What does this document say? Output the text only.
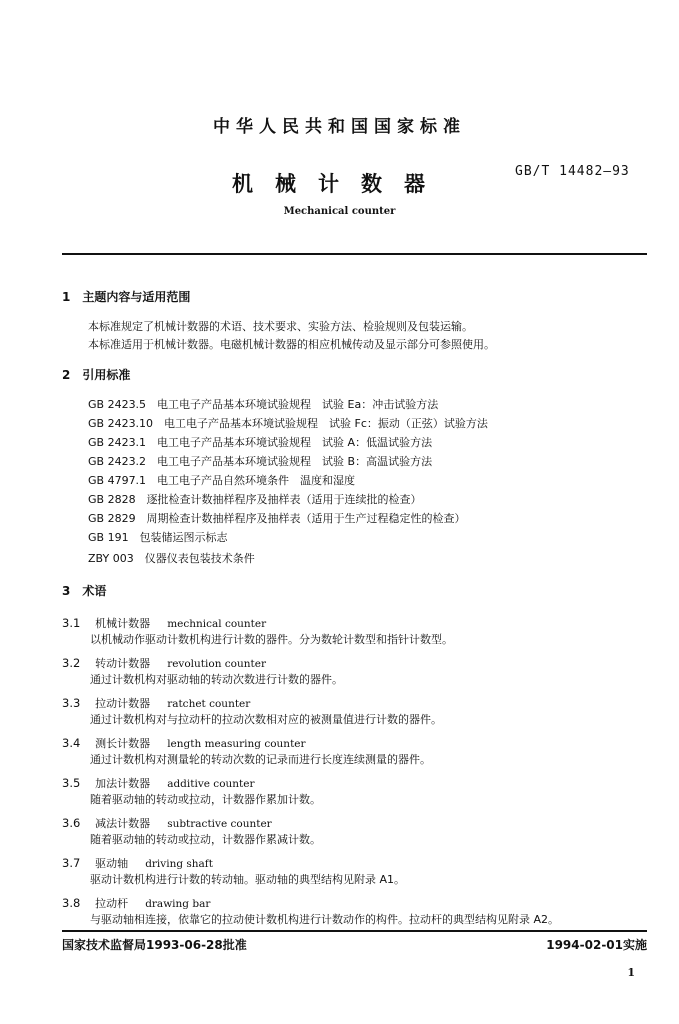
中华人民共和国国家标准
机械计数器
GB/T 14482—93
Mechanical counter
1　主题内容与适用范围
本标准规定了机械计数器的术语、技术要求、实验方法、检验规则及包装运输。
本标准适用于机械计数器。电磁机械计数器的相应机械传动及显示部分可参照使用。
2　引用标准
GB 2423.5　电工电子产品基本环境试验规程　试验 Ea：冲击试验方法
GB 2423.10　电工电子产品基本环境试验规程　试验 Fc：振动（正弦）试验方法
GB 2423.1　电工电子产品基本环境试验规程　试验 A：低温试验方法
GB 2423.2　电工电子产品基本环境试验规程　试验 B：高温试验方法
GB 4797.1　电工电子产品自然环境条件　温度和湿度
GB 2828　逐批检查计数抽样程序及抽样表（适用于连续批的检查）
GB 2829　周期检查计数抽样程序及抽样表（适用于生产过程稳定性的检查）
GB 191　包装储运图示标志
ZBY 003　仪器仪表包装技术条件
3　术语
3.1 机械计数器 mechnical counter
以机械动作驱动计数机构进行计数的器件。分为数轮计数型和指针计数型。
3.2 转动计数器 revolution counter
通过计数机构对驱动轴的转动次数进行计数的器件。
3.3 拉动计数器 ratchet counter
通过计数机构对与拉动杆的拉动次数相对应的被测量值进行计数的器件。
3.4 测长计数器 length measuring counter
通过计数机构对测量轮的转动次数的记录而进行长度连续测量的器件。
3.5 加法计数器 additive counter
随着驱动轴的转动或拉动，计数器作累加计数。
3.6 减法计数器 subtractive counter
随着驱动轴的转动或拉动，计数器作累减计数。
3.7 驱动轴 driving shaft
驱动计数机构进行计数的转动轴。驱动轴的典型结构见附录 A1。
3.8 拉动杆 drawing bar
与驱动轴相连接，依靠它的拉动使计数机构进行计数动作的构件。拉动杆的典型结构见附录 A2。
国家技术监督局1993-06-28批准	1994-02-01实施
1
